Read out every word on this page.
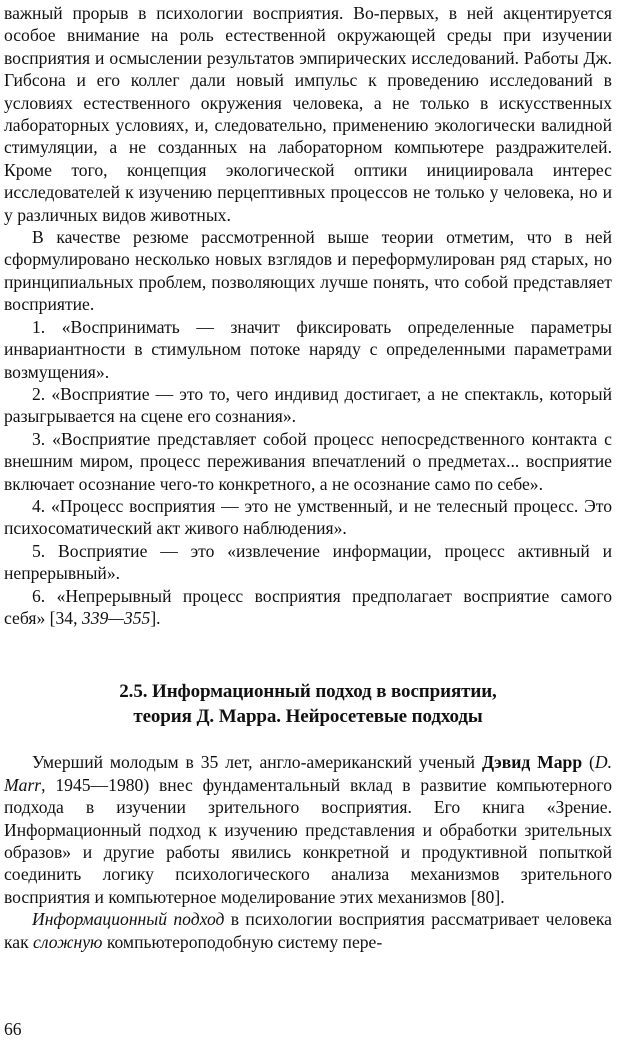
важный прорыв в психологии восприятия. Во-первых, в ней акцентируется особое внимание на роль естественной окружающей среды при изучении восприятия и осмыслении результатов эмпирических исследований. Работы Дж. Гибсона и его коллег дали новый импульс к проведению исследований в условиях естественного окружения человека, а не только в искусственных лабораторных условиях, и, следовательно, применению экологически валидной стимуляции, а не созданных на лабораторном компьютере раздражителей. Кроме того, концепция экологической оптики инициировала интерес исследователей к изучению перцептивных процессов не только у человека, но и у различных видов животных.

В качестве резюме рассмотренной выше теории отметим, что в ней сформулировано несколько новых взглядов и переформулирован ряд старых, но принципиальных проблем, позволяющих лучше понять, что собой представляет восприятие.

1. «Воспринимать — значит фиксировать определенные параметры инвариантности в стимульном потоке наряду с определенными параметрами возмущения».

2. «Восприятие — это то, чего индивид достигает, а не спектакль, который разыгрывается на сцене его сознания».

3. «Восприятие представляет собой процесс непосредственного контакта с внешним миром, процесс переживания впечатлений о предметах... восприятие включает осознание чего-то конкретного, а не осознание само по себе».

4. «Процесс восприятия — это не умственный, и не телесный процесс. Это психосоматический акт живого наблюдения».

5. Восприятие — это «извлечение информации, процесс активный и непрерывный».

6. «Непрерывный процесс восприятия предполагает восприятие самого себя» [34, 339—355].

2.5. Информационный подход в восприятии,
теория Д. Марра. Нейросетевые подходы

Умерший молодым в 35 лет, англо-американский ученый Дэвид Марр (D. Marr, 1945—1980) внес фундаментальный вклад в развитие компьютерного подхода в изучении зрительного восприятия. Его книга «Зрение. Информационный подход к изучению представления и обработки зрительных образов» и другие работы явились конкретной и продуктивной попыткой соединить логику психологического анализа механизмов зрительного восприятия и компьютерное моделирование этих механизмов [80].

Информационный подход в психологии восприятия рассматривает человека как сложную компьютероподобную систему пере-

66
